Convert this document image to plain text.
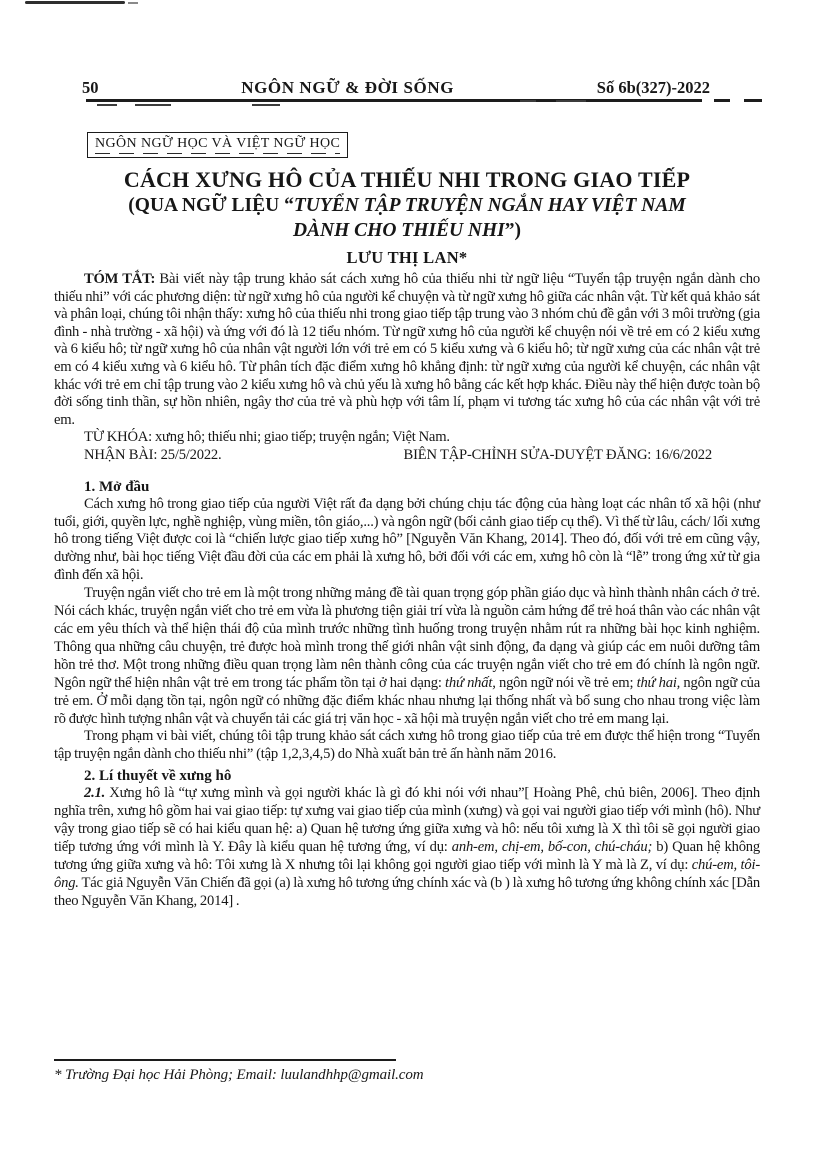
50	NGÔN NGỮ & ĐỜI SỐNG	Số 6b(327)-2022
NGÔN NGỮ HỌC VÀ VIỆT NGỮ HỌC
CÁCH XƯNG HÔ CỦA THIẾU NHI TRONG GIAO TIẾP
(QUA NGỮ LIỆU “TUYỂN TẬP TRUYỆN NGẮN HAY VIỆT NAM
DÀNH CHO THIẾU NHI”)
LƯU THỊ LAN*

TÓM TẮT: Bài viết này tập trung khảo sát cách xưng hô của thiếu nhi từ ngữ liệu “Tuyển tập truyện ngắn dành cho thiếu nhi” với các phương diện: từ ngữ xưng hô của người kể chuyện và từ ngữ xưng hô giữa các nhân vật. Từ kết quả khảo sát và phân loại, chúng tôi nhận thấy: xưng hô của thiếu nhi trong giao tiếp tập trung vào 3 nhóm chủ đề gắn với 3 môi trường (gia đình - nhà trường - xã hội) và ứng với đó là 12 tiểu nhóm. Từ ngữ xưng hô của người kể chuyện nói về trẻ em có 2 kiểu xưng và 6 kiểu hô; từ ngữ xưng hô của nhân vật người lớn với trẻ em có 5 kiểu xưng và 6 kiểu hô; từ ngữ xưng của các nhân vật trẻ em có 4 kiểu xưng và 6 kiểu hô. Từ phân tích đặc điểm xưng hô khẳng định: từ ngữ xưng của người kể chuyện, các nhân vật khác với trẻ em chỉ tập trung vào 2 kiểu xưng hô và chủ yếu là xưng hô bằng các kết hợp khác. Điều này thể hiện được toàn bộ đời sống tinh thần, sự hồn nhiên, ngây thơ của trẻ và phù hợp với tâm lí, phạm vi tương tác xưng hô của các nhân vật với trẻ em.

TỪ KHÓA: xưng hô; thiếu nhi; giao tiếp; truyện ngắn; Việt Nam.

NHẬN BÀI: 25/5/2022.	BIÊN TẬP-CHỈNH SỬA-DUYỆT ĐĂNG: 16/6/2022
1. Mở đầu

Cách xưng hô trong giao tiếp của người Việt rất đa dạng bởi chúng chịu tác động của hàng loạt các nhân tố xã hội (như tuổi, giới, quyền lực, nghề nghiệp, vùng miền, tôn giáo,...) và ngôn ngữ (bối cảnh giao tiếp cụ thể). Vì thế từ lâu, cách/ lối xưng hô trong tiếng Việt được coi là “chiến lược giao tiếp xưng hô” [Nguyễn Văn Khang, 2014]. Theo đó, đối với trẻ em cũng vậy, dường như, bài học tiếng Việt đầu đời của các em phải là xưng hô, bởi đối với các em, xưng hô còn là “lễ” trong ứng xử từ gia đình đến xã hội.

Truyện ngắn viết cho trẻ em là một trong những mảng đề tài quan trọng góp phần giáo dục và hình thành nhân cách ở trẻ. Nói cách khác, truyện ngắn viết cho trẻ em vừa là phương tiện giải trí vừa là nguồn cảm hứng để trẻ hoá thân vào các nhân vật các em yêu thích và thể hiện thái độ của mình trước những tình huống trong truyện nhằm rút ra những bài học kinh nghiệm. Thông qua những câu chuyện, trẻ được hoà mình trong thế giới nhân vật sinh động, đa dạng và giúp các em nuôi dưỡng tâm hồn trẻ thơ. Một trong những điều quan trọng làm nên thành công của các truyện ngắn viết cho trẻ em đó chính là ngôn ngữ. Ngôn ngữ thể hiện nhân vật trẻ em trong tác phẩm tồn tại ở hai dạng: thứ nhất, ngôn ngữ nói về trẻ em; thứ hai, ngôn ngữ của trẻ em. Ở mỗi dạng tồn tại, ngôn ngữ có những đặc điểm khác nhau nhưng lại thống nhất và bổ sung cho nhau trong việc làm rõ được hình tượng nhân vật và chuyển tải các giá trị văn học - xã hội mà truyện ngắn viết cho trẻ em mang lại.

Trong phạm vi bài viết, chúng tôi tập trung khảo sát cách xưng hô trong giao tiếp của trẻ em được thể hiện trong “Tuyển tập truyện ngắn dành cho thiếu nhi” (tập 1,2,3,4,5) do Nhà xuất bản trẻ ấn hành năm 2016.

2. Lí thuyết về xưng hô

2.1. Xưng hô là “tự xưng mình và gọi người khác là gì đó khi nói với nhau”[ Hoàng Phê, chủ biên, 2006]. Theo định nghĩa trên, xưng hô gồm hai vai giao tiếp: tự xưng vai giao tiếp của mình (xưng) và gọi vai người giao tiếp với mình (hô). Như vậy trong giao tiếp sẽ có hai kiểu quan hệ: a) Quan hệ tương ứng giữa xưng và hô: nếu tôi xưng là X thì tôi sẽ gọi người giao tiếp tương ứng với mình là Y. Đây là kiểu quan hệ tương ứng, ví dụ: anh-em, chị-em, bố-con, chú-cháu; b) Quan hệ không tương ứng giữa xưng và hô: Tôi xưng là X nhưng tôi lại không gọi người giao tiếp với mình là Y mà là Z, ví dụ: chú-em, tôi-ông. Tác giả Nguyễn Văn Chiến đã gọi (a) là xưng hô tương ứng chính xác và (b ) là xưng hô tương ứng không chính xác [Dẫn theo Nguyễn Văn Khang, 2014] .

* Trường Đại học Hải Phòng; Email: luulandhhp@gmail.com
